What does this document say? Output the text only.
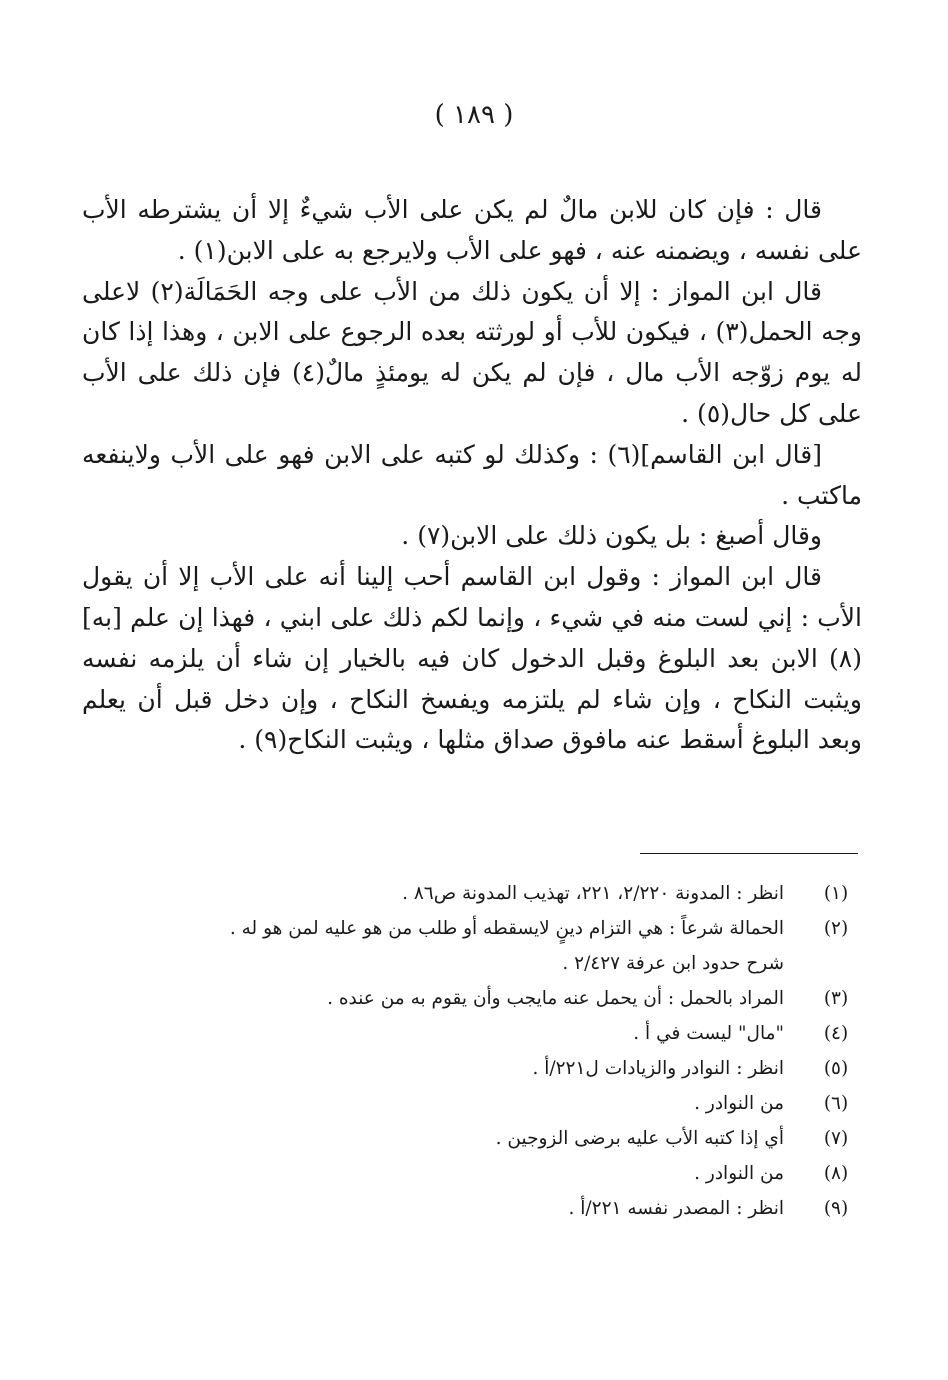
( ١٨٩ )

قال : فإن كان للابن مالٌ لم يكن على الأب شيءٌ إلا أن يشترطه الأب على نفسه ، ويضمنه عنه ، فهو على الأب ولايرجع به على الابن(١) .

قال ابن المواز : إلا أن يكون ذلك من الأب على وجه الحَمَالَة(٢) لاعلى وجه الحمل(٣) ، فيكون للأب أو لورثته بعده الرجوع على الابن ، وهذا إذا كان له يوم زوّجه الأب مال ، فإن لم يكن له يومئذٍ مالٌ(٤) فإن ذلك على الأب على كل حال(٥) .

[قال ابن القاسم](٦) : وكذلك لو كتبه على الابن فهو على الأب ولاينفعه ماكتب .

وقال أصبغ : بل يكون ذلك على الابن(٧) .

قال ابن المواز : وقول ابن القاسم أحب إلينا أنه على الأب إلا أن يقول الأب : إني لست منه في شيء ، وإنما لكم ذلك على ابني ، فهذا إن علم [به](٨) الابن بعد البلوغ وقبل الدخول كان فيه بالخيار إن شاء أن يلزمه نفسه ويثبت النكاح ، وإن شاء لم يلتزمه ويفسخ النكاح ، وإن دخل قبل أن يعلم وبعد البلوغ أسقط عنه مافوق صداق مثلها ، ويثبت النكاح(٩) .

(١)
انظر : المدونة ٢/٢٢٠، ٢٢١، تهذيب المدونة ص٨٦ .
(٢)
الحمالة شرعاً : هي التزام دينٍ لايسقطه أو طلب من هو عليه لمن هو له .
شرح حدود ابن عرفة ٢/٤٢٧ .
(٣)
المراد بالحمل : أن يحمل عنه مايجب وأن يقوم به من عنده .
(٤)
"مال" ليست في أ .
(٥)
انظر : النوادر والزيادات ل٢٢١/أ .
(٦)
من النوادر .
(٧)
أي إذا كتبه الأب عليه برضى الزوجين .
(٨)
من النوادر .
(٩)
انظر : المصدر نفسه ٢٢١/أ .
